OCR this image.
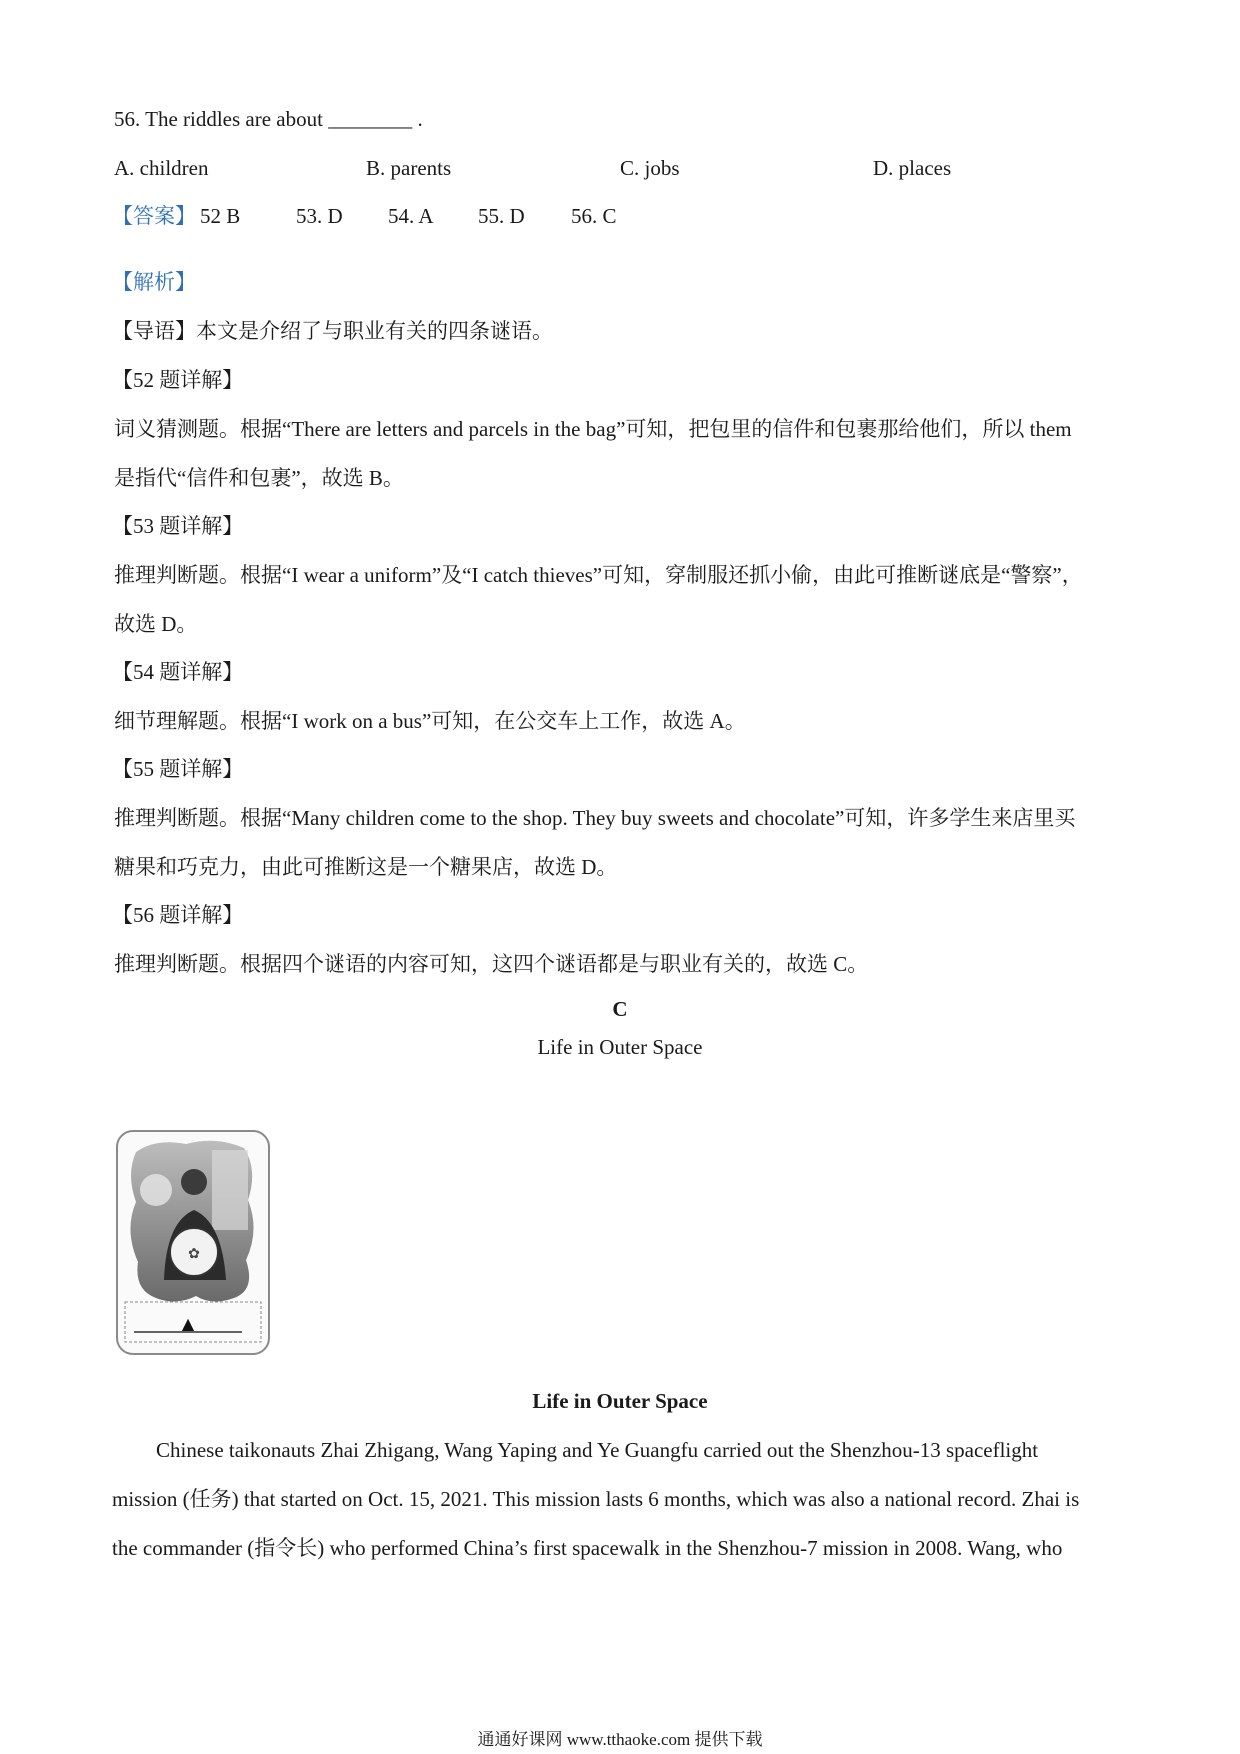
56. The riddles are about ________ .
A. children	B. parents	C. jobs	D. places
【答案】 52 B	53. D 54. A 55. D 56. C
【解析】
【导语】本文是介绍了与职业有关的四条谜语。
【52 题详解】
词义猜测题。根据“There are letters and parcels in the bag”可知，把包里的信件和包裹那给他们，所以 them
是指代“信件和包裹”，故选 B。
【53 题详解】
推理判断题。根据“I wear a uniform”及“I catch thieves”可知，穿制服还抓小偷，由此可推断谜底是“警察”，
故选 D。
【54 题详解】
细节理解题。根据“I work on a bus”可知，在公交车上工作，故选 A。
【55 题详解】
推理判断题。根据“Many children come to the shop. They buy sweets and chocolate”可知，许多学生来店里买
糖果和巧克力，由此可推断这是一个糖果店，故选 D。
【56 题详解】
推理判断题。根据四个谜语的内容可知，这四个谜语都是与职业有关的，故选 C。
C
Life in Outer Space
✿
▲
Life in Outer Space
Chinese taikonauts Zhai Zhigang, Wang Yaping and Ye Guangfu carried out the Shenzhou-13 spaceflight
mission (任务) that started on Oct. 15, 2021. This mission lasts 6 months, which was also a national record. Zhai is
the commander (指令长) who performed China’s first spacewalk in the Shenzhou-7 mission in 2008. Wang, who
通通好课网 www.tthaoke.com 提供下载
